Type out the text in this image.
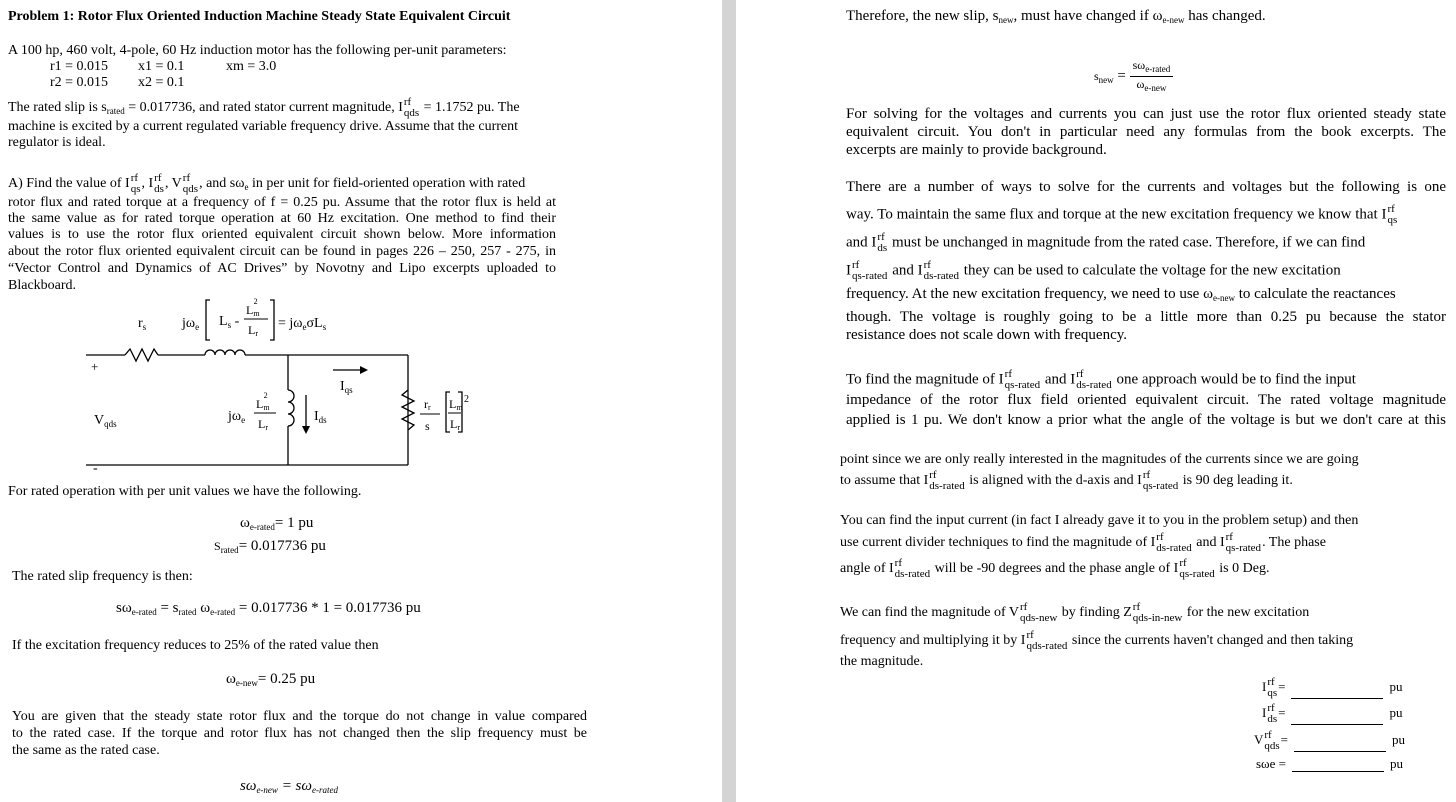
Problem 1: Rotor Flux Oriented Induction Machine Steady State Equivalent Circuit
A 100 hp, 460 volt, 4-pole, 60 Hz induction motor has the following per-unit parameters:
r1 = 0.015 x1 = 0.1	xm = 3.0
r2 = 0.015 x2 = 0.1
The rated slip is $s_{rated} = 0.017736$, and rated stator current magnitude, I rf
qds = 1.1752 pu. The
machine is excited by a current regulated variable frequency drive. Assume that the current
regulator is ideal.
A) Find the value of I rf
qs , I rf
ds , V rf
qds , and $s\omega_e$ in per unit for field-oriented operation with rated
rotor flux and rated torque at a frequency of f = 0.25 pu. Assume that the rotor flux is held at
the same value as for rated torque operation at 60 Hz excitation. One method to find their
values is to use the rotor flux oriented equivalent circuit shown below. More information
about the rotor flux oriented equivalent circuit can be found in pages 226 – 250, 257 - 275, in
“Vector Control and Dynamics of AC Drives” by Novotny and Lipo excerpts uploaded to
Blackboard.
$r_s$	$j\omega_e$ $L_s$ -
Lm2
Lr
= $j\omega_e\sigma L_s$
+
-
$V_{qds}$
$I_{qs}$
$I_{ds}$
$j\omega_e$
Lm2
Lr
rr
s
Lm
Lr
2
For rated operation with per unit values we have the following.
$\omega_{e-rated}= 1$ pu
$S_{rated}= 0.017736$ pu
The rated slip frequency is then:
$s\omega_{e-rated} = s_{rated}$ $\omega_{e-rated} = 0.017736 * 1 = 0.017736$ pu
If the excitation frequency reduces to 25% of the rated value then
$\omega_{e-new}= 0.25$ pu
You are given that the steady state rotor flux and the torque do not change in value compared
to the rated case. If the torque and rotor flux has not changed then the slip frequency must be
the same as the rated case.
$s\omega_{e-new} = s\omega_{e-rated}$
Therefore, the new slip, $s_{new}$, must have changed if $\omega_{e-new}$ has changed.
$s_{new} = \frac{s\omega_{e-rated}}{\omega_{e-new}}$
For solving for the voltages and currents you can just use the rotor flux oriented steady state
equivalent circuit. You don't in particular need any formulas from the book excerpts. The
excerpts are mainly to provide background.
There are a number of ways to solve for the currents and voltages but the following is one
way. To maintain the same flux and torque at the new excitation frequency we know that I rf
qs
and I rf
ds must be unchanged in magnitude from the rated case. Therefore, if we can find
I rf
qs-rated and I rf
ds-rated they can be used to calculate the voltage for the new excitation
frequency. At the new excitation frequency, we need to use $\omega_{e-new}$ to calculate the reactances
though. The voltage is roughly going to be a little more than 0.25 pu because the stator
resistance does not scale down with frequency.
To find the magnitude of I rf
qs-rated and I rf
ds-rated one approach would be to find the input
impedance of the rotor flux field oriented equivalent circuit. The rated voltage magnitude
applied is 1 pu. We don't know a prior what the angle of the voltage is but we don't care at this
point since we are only really interested in the magnitudes of the currents since we are going
to assume that I rf
ds-rated is aligned with the d-axis and I rf
qs-rated is 90 deg leading it.
You can find the input current (in fact I already gave it to you in the problem setup) and then
use current divider techniques to find the magnitude of I rf
ds-rated and I rf
qs-rated . The phase
angle of I rf
ds-rated will be -90 degrees and the phase angle of I rf
qs-rated is 0 Deg.
We can find the magnitude of V rf
qds-new by finding Z rf
qds-in-new for the new excitation
frequency and multiplying it by I rf
qds-rated since the currents haven't changed and then taking
the magnitude.
I rf
qs =	pu
I rf
ds =	pu
V rf
qds =	pu
sωe =	pu
